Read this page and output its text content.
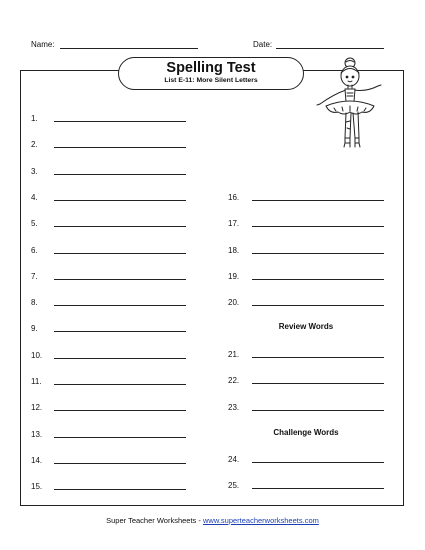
Name:	Date:
Spelling Test
List E-11: More Silent Letters
1.
2.
3.
4.
5.
6.
7.
8.
9.
10.
11.
12.
13.
14.
15.
16.
17.
18.
19.
20.
21.
22.
23.
24.
25.
Review Words
Challenge Words
Super Teacher Worksheets - www.superteacherworksheets.com
